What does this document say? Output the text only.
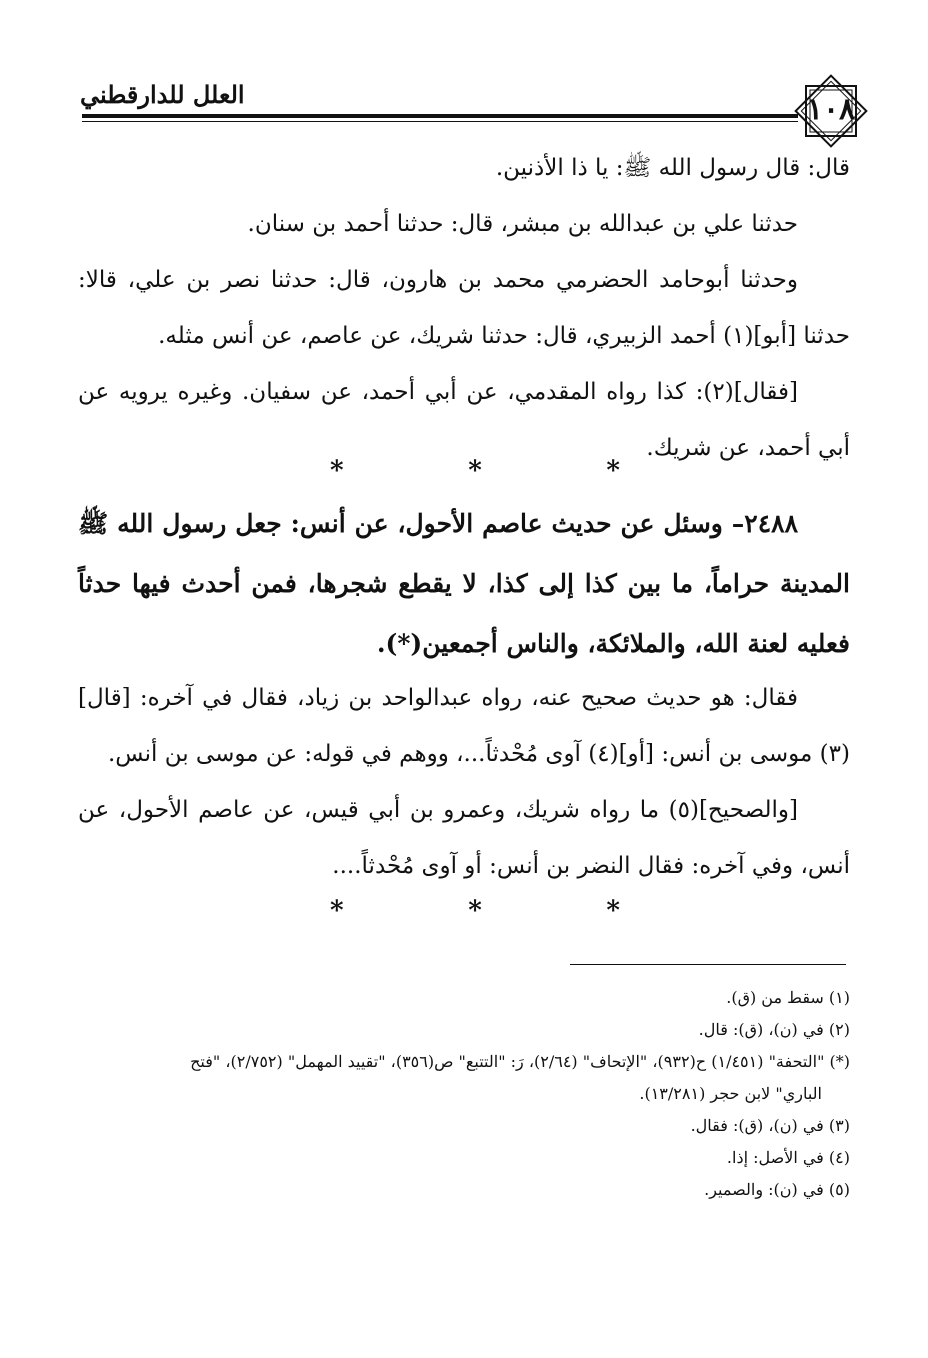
١٠٨
العلل للدارقطني

قال: قال رسول الله ﷺ: يا ذا الأذنين.

حدثنا علي بن عبدالله بن مبشر، قال: حدثنا أحمد بن سنان.

وحدثنا أبوحامد الحضرمي محمد بن هارون، قال: حدثنا نصر بن علي، قالا: حدثنا [أبو](١) أحمد الزبيري، قال: حدثنا شريك، عن عاصم، عن أنس مثله.

[فقال](٢): كذا رواه المقدمي، عن أبي أحمد، عن سفيان. وغيره يرويه عن أبي أحمد، عن شريك.

*	*	*
٢٤٨٨– وسئل عن حديث عاصم الأحول، عن أنس: جعل رسول الله ﷺ المدينة حراماً، ما بين كذا إلى كذا، لا يقطع شجرها، فمن أحدث فيها حدثاً فعليه لعنة الله، والملائكة، والناس أجمعين(*).

فقال: هو حديث صحيح عنه، رواه عبدالواحد بن زياد، فقال في آخره: [قال](٣) موسى بن أنس: [أو](٤) آوى مُحْدثاً...، ووهم في قوله: عن موسى بن أنس.

[والصحيح](٥) ما رواه شريك، وعمرو بن أبي قيس، عن عاصم الأحول، عن أنس، وفي آخره: فقال النضر بن أنس: أو آوى مُحْدثاً....

*	*	*

(١) سقط من (ق).

(٢) في (ن)، (ق): قال.

(*) "التحفة" (١/٤٥١) ح(٩٣٢)، "الإتحاف" (٢/٦٤)، رَ: "التتبع" ص(٣٥٦)، "تقييد المهمل" (٢/٧٥٢)، "فتح

الباري" لابن حجر (١٣/٢٨١).

(٣) في (ن)، (ق): فقال.

(٤) في الأصل: إذا.

(٥) في (ن): والصمير.
